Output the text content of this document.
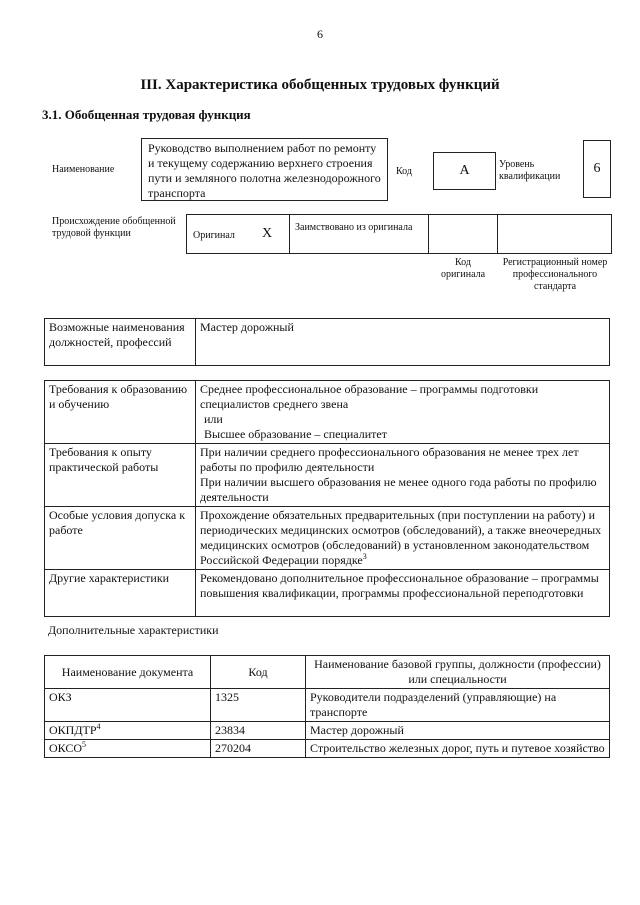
6
III. Характеристика обобщенных трудовых функций
3.1. Обобщенная трудовая функция
Наименование
Руководство выполнением работ по ремонту и текущему содержанию верхнего строения пути и земляного полотна железнодорожного транспорта
Код	А	Уровень квалификации
6
Происхождение обобщенной трудовой функции	Оригинал X Заимствовано из оригинала
Код оригинала
Регистрационный номер профессионального стандарта
Возможные наименования должностей, профессий	Мастер дорожный
Требования к образованию и обучению	Среднее профессиональное образование – программы подготовки специалистов среднего звена
или
Высшее образование – специалитет

Требования к опыту практической работы	При наличии среднего профессионального образования не менее трех лет работы по профилю деятельности
При наличии высшего образования не менее одного года работы по профилю деятельности

Особые условия допуска к работе	Прохождение обязательных предварительных (при поступлении на работу) и периодических медицинских осмотров (обследований), а также внеочередных медицинских осмотров (обследований) в установленном законодательством Российской Федерации порядке$^3$
Другие характеристики	Рекомендовано дополнительное профессиональное образование – программы повышения квалификации, программы профессиональной переподготовки
Дополнительные характеристики
Наименование документа	Код	Наименование базовой группы, должности (профессии) или специальности
ОКЗ	1325	Руководители подразделений (управляющие) на транспорте
ОКПДТР$^4$	23834	Мастер дорожный
ОКСО$^5$	270204	Строительство железных дорог, путь и путевое хозяйство
